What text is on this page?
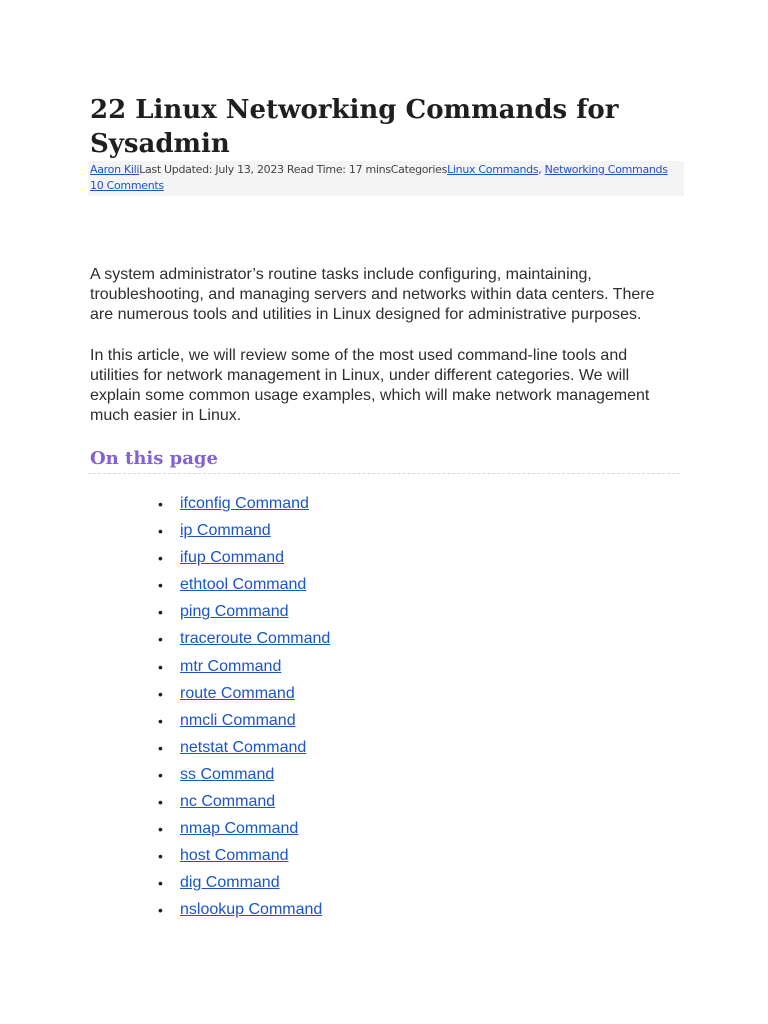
22 Linux Networking Commands for Sysadmin
Aaron KiliLast Updated: July 13, 2023 Read Time: 17 minsCategoriesLinux Commands, Networking Commands 10 Comments

A system administrator’s routine tasks include configuring, maintaining, troubleshooting, and managing servers and networks within data centers. There are numerous tools and utilities in Linux designed for administrative purposes.

In this article, we will review some of the most used command-line tools and utilities for network management in Linux, under different categories. We will explain some common usage examples, which will make network management much easier in Linux.

On this page
• ifconfig Command
• ip Command
• ifup Command
• ethtool Command
• ping Command
• traceroute Command
• mtr Command
• route Command
• nmcli Command
• netstat Command
• ss Command
• nc Command
• nmap Command
• host Command
• dig Command
• nslookup Command
